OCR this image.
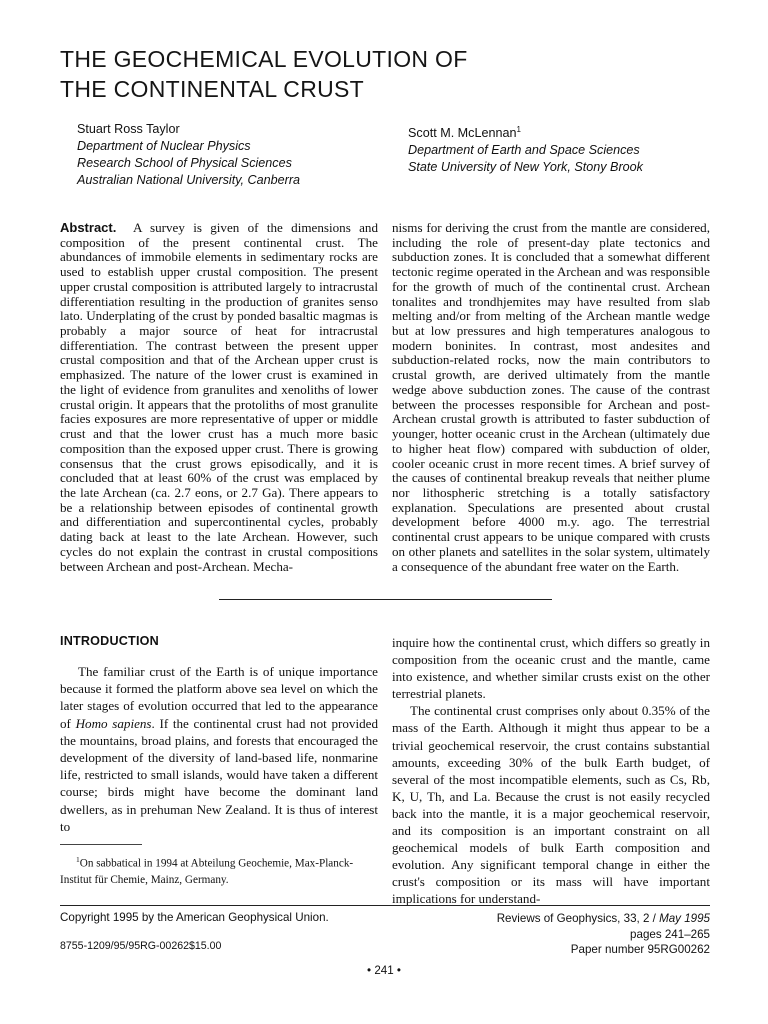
THE GEOCHEMICAL EVOLUTION OF
THE CONTINENTAL CRUST
Stuart Ross Taylor
Department of Nuclear Physics
Research School of Physical Sciences
Australian National University, Canberra
Scott M. McLennan$^1$
Department of Earth and Space Sciences
State University of New York, Stony Brook

Abstract. A survey is given of the dimensions and composition of the present continental crust. The abundances of immobile elements in sedimentary rocks are used to establish upper crustal composition. The present upper crustal composition is attributed largely to intracrustal differentiation resulting in the production of granites senso lato. Underplating of the crust by ponded basaltic magmas is probably a major source of heat for intracrustal differentiation. The contrast between the present upper crustal composition and that of the Archean upper crust is emphasized. The nature of the lower crust is examined in the light of evidence from granulites and xenoliths of lower crustal origin. It appears that the protoliths of most granulite facies exposures are more representative of upper or middle crust and that the lower crust has a much more basic composition than the exposed upper crust. There is growing consensus that the crust grows episodically, and it is concluded that at least 60% of the crust was emplaced by the late Archean (ca. 2.7 eons, or 2.7 Ga). There appears to be a relationship between episodes of continental growth and differentiation and supercontinental cycles, probably dating back at least to the late Archean. However, such cycles do not explain the contrast in crustal compositions between Archean and post-Archean. Mecha-

nisms for deriving the crust from the mantle are considered, including the role of present-day plate tectonics and subduction zones. It is concluded that a somewhat different tectonic regime operated in the Archean and was responsible for the growth of much of the continental crust. Archean tonalites and trondhjemites may have resulted from slab melting and/or from melting of the Archean mantle wedge but at low pressures and high temperatures analogous to modern boninites. In contrast, most andesites and subduction-related rocks, now the main contributors to crustal growth, are derived ultimately from the mantle wedge above subduction zones. The cause of the contrast between the processes responsible for Archean and post-Archean crustal growth is attributed to faster subduction of younger, hotter oceanic crust in the Archean (ultimately due to higher heat flow) compared with subduction of older, cooler oceanic crust in more recent times. A brief survey of the causes of continental breakup reveals that neither plume nor lithospheric stretching is a totally satisfactory explanation. Speculations are presented about crustal development before 4000 m.y. ago. The terrestrial continental crust appears to be unique compared with crusts on other planets and satellites in the solar system, ultimately a consequence of the abundant free water on the Earth.

INTRODUCTION

The familiar crust of the Earth is of unique importance because it formed the platform above sea level on which the later stages of evolution occurred that led to the appearance of Homo sapiens. If the continental crust had not provided the mountains, broad plains, and forests that encouraged the development of the diversity of land-based life, nonmarine life, restricted to small islands, would have taken a different course; birds might have become the dominant land dwellers, as in prehuman New Zealand. It is thus of interest to

inquire how the continental crust, which differs so greatly in composition from the oceanic crust and the mantle, came into existence, and whether similar crusts exist on the other terrestrial planets.

The continental crust comprises only about 0.35% of the mass of the Earth. Although it might thus appear to be a trivial geochemical reservoir, the crust contains substantial amounts, exceeding 30% of the bulk Earth budget, of several of the most incompatible elements, such as Cs, Rb, K, U, Th, and La. Because the crust is not easily recycled back into the mantle, it is a major geochemical reservoir, and its composition is an important constraint on all geochemical models of bulk Earth composition and evolution. Any significant temporal change in either the crust's composition or its mass will have important implications for understand-

$^1$On sabbatical in 1994 at Abteilung Geochemie, Max-Planck-Institut für Chemie, Mainz, Germany.

Copyright 1995 by the American Geophysical Union.
8755-1209/95/95RG-00262$15.00
Reviews of Geophysics, 33, 2 / May 1995
pages 241–265
Paper number 95RG00262
• 241 •
